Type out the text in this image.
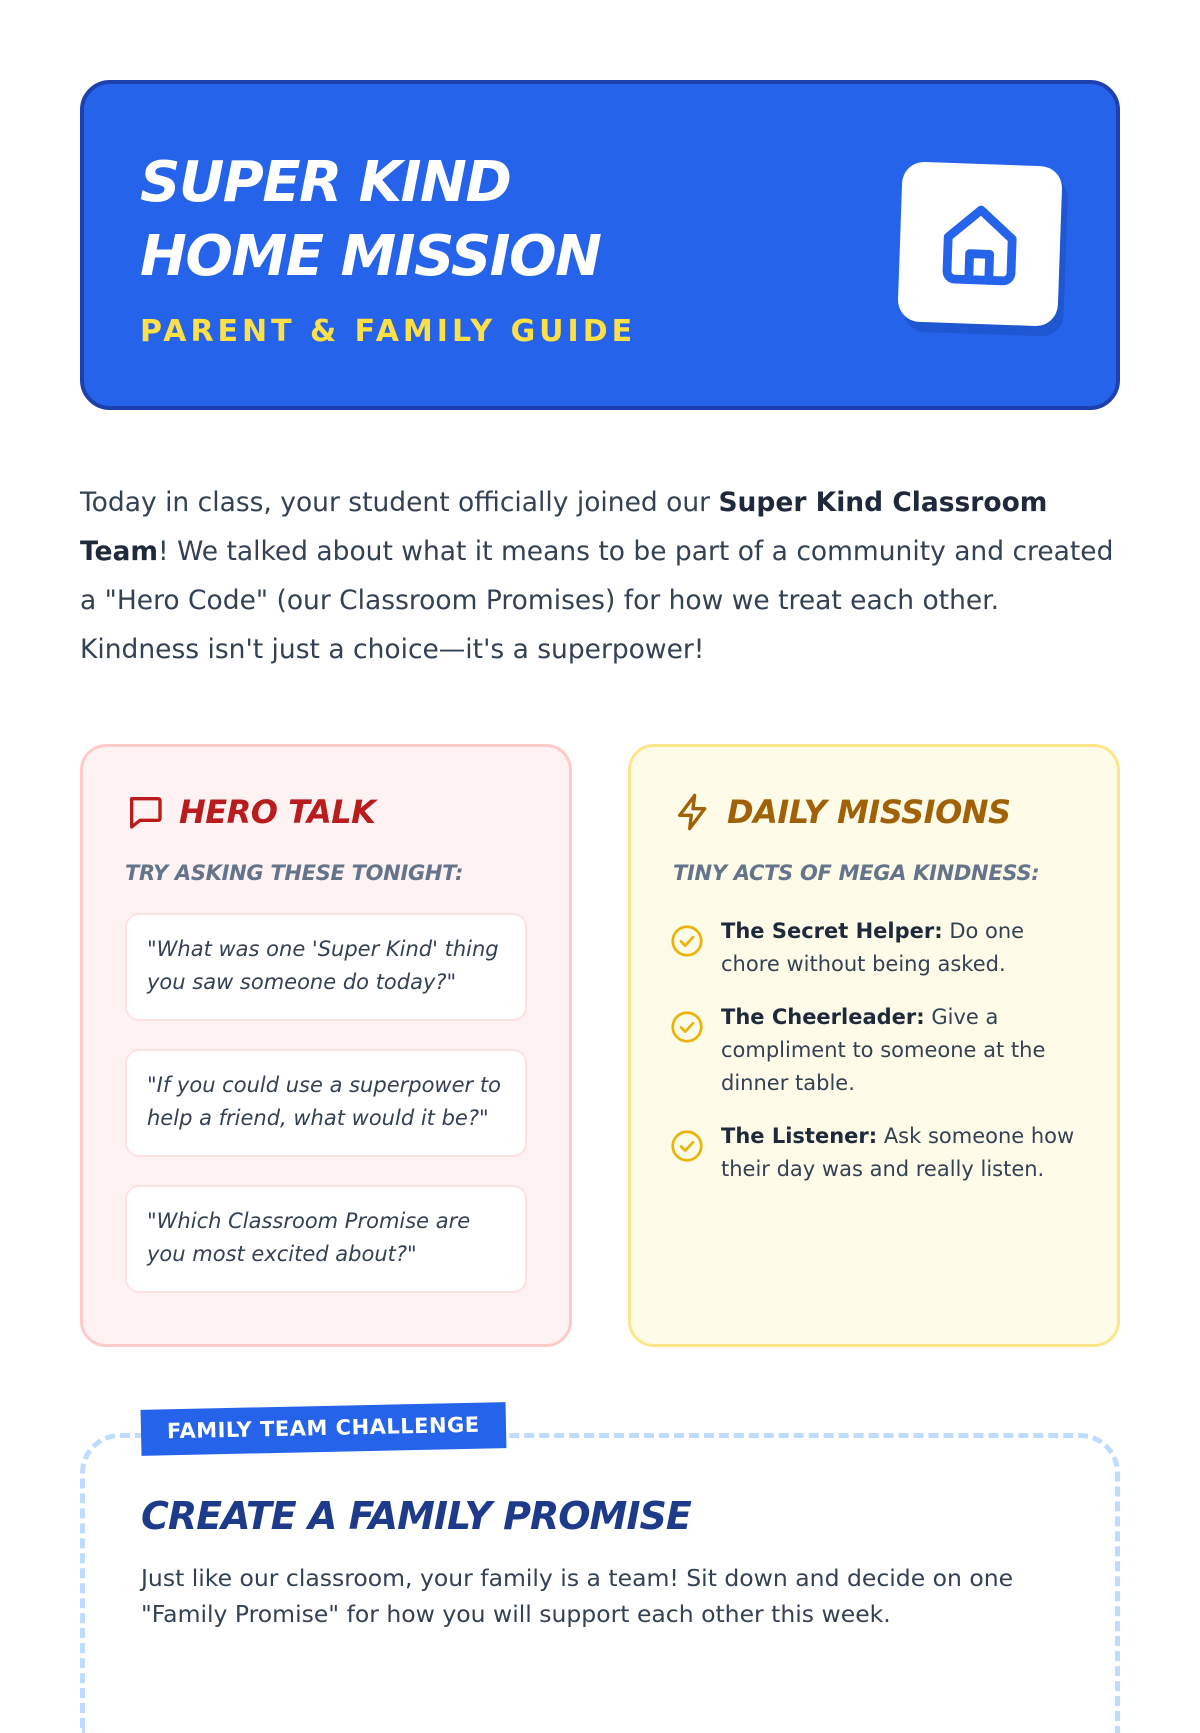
SUPER KIND
HOME MISSION
PARENT & FAMILY GUIDE

Today in class, your student officially joined our Super Kind Classroom Team! We talked about what it means to be part of a community and created a "Hero Code" (our Classroom Promises) for how we treat each other. Kindness isn't just a choice—it's a superpower!

HERO TALK
TRY ASKING THESE TONIGHT:
"What was one 'Super Kind' thing you saw someone do today?"
"If you could use a superpower to help a friend, what would it be?"
"Which Classroom Promise are you most excited about?"
DAILY MISSIONS
TINY ACTS OF MEGA KINDNESS:
The Secret Helper: Do one chore without being asked.
The Cheerleader: Give a compliment to someone at the dinner table.
The Listener: Ask someone how their day was and really listen.
FAMILY TEAM CHALLENGE
CREATE A FAMILY PROMISE
Just like our classroom, your family is a team! Sit down and decide on one "Family Promise" for how you will support each other this week.
